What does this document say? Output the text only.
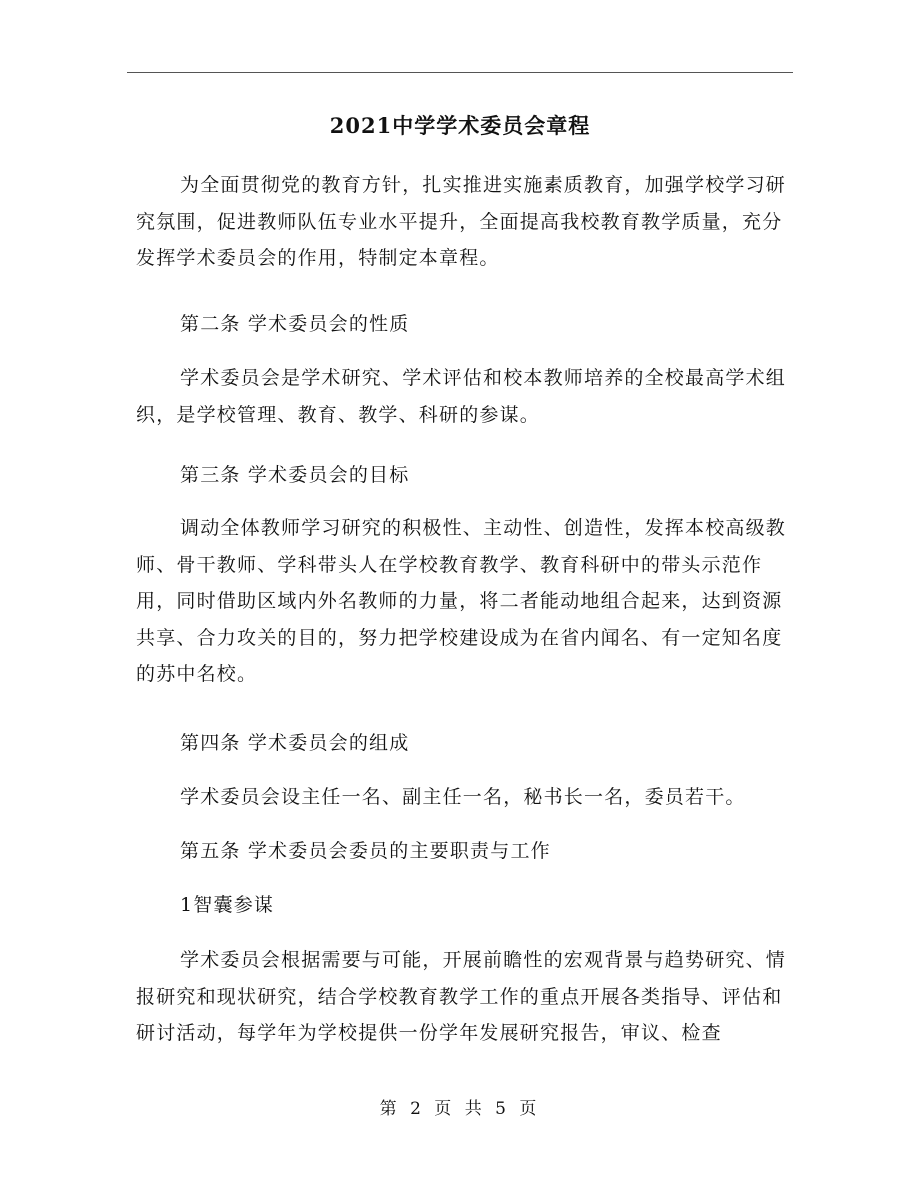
2021中学学术委员会章程

为全面贯彻党的教育方针，扎实推进实施素质教育，加强学校学习研究氛围，促进教师队伍专业水平提升，全面提高我校教育教学质量，充分发挥学术委员会的作用，特制定本章程。

第二条 学术委员会的性质

学术委员会是学术研究、学术评估和校本教师培养的全校最高学术组织，是学校管理、教育、教学、科研的参谋。

第三条 学术委员会的目标

调动全体教师学习研究的积极性、主动性、创造性，发挥本校高级教师、骨干教师、学科带头人在学校教育教学、教育科研中的带头示范作用，同时借助区域内外名教师的力量，将二者能动地组合起来，达到资源共享、合力攻关的目的，努力把学校建设成为在省内闻名、有一定知名度的苏中名校。

第四条 学术委员会的组成

学术委员会设主任一名、副主任一名，秘书长一名，委员若干。

第五条 学术委员会委员的主要职责与工作

1智囊参谋

学术委员会根据需要与可能，开展前瞻性的宏观背景与趋势研究、情报研究和现状研究，结合学校教育教学工作的重点开展各类指导、评估和研讨活动，每学年为学校提供一份学年发展研究报告，审议、检查

第 2 页 共 5 页
